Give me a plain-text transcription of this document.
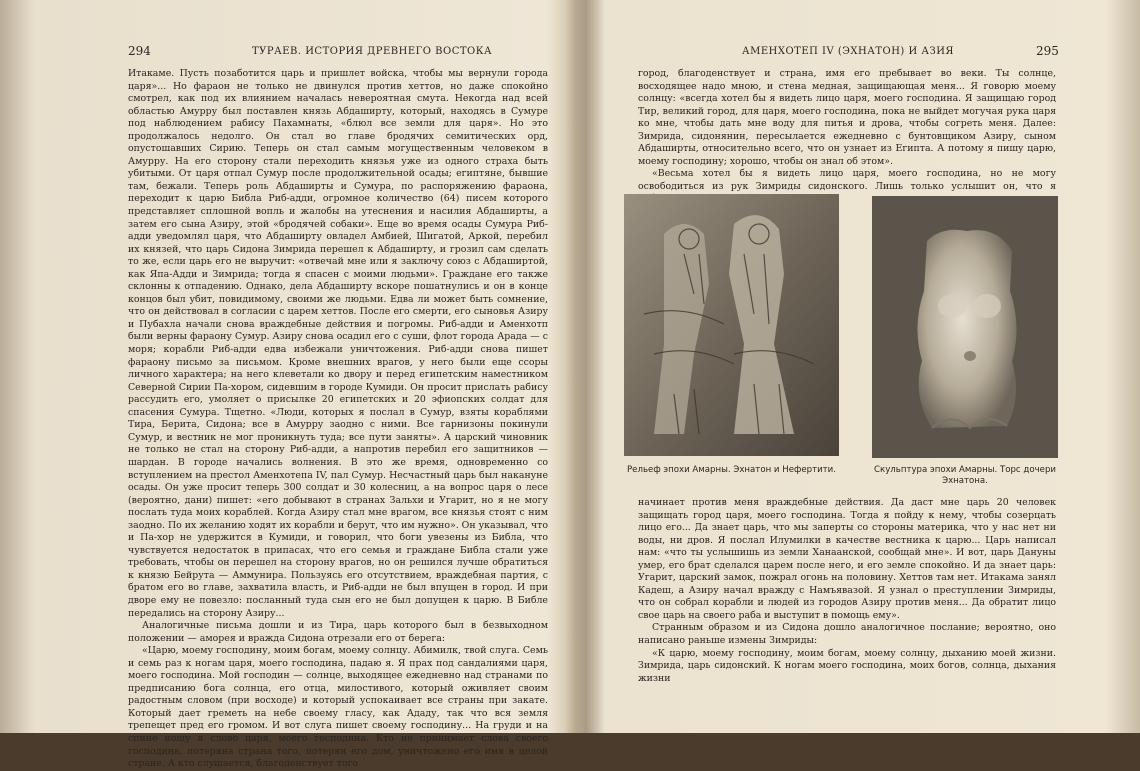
294	ТУРАЕВ. ИСТОРИЯ ДРЕВНЕГО ВОСТОКА

Итакаме. Пусть позаботится царь и пришлет войска, чтобы мы вернули города царя»... Но фараон не только не двинулся против хеттов, но даже спокойно смотрел, как под их влиянием началась невероятная смута. Некогда над всей областью Амурру был поставлен князь Абдаширту, который, находясь в Сумуре под наблюдением рабису Пахамнаты, «блюл все земли для царя». Но это продолжалось недолго. Он стал во главе бродячих семитических орд, опустошавших Сирию. Теперь он стал самым могущественным человеком в Амурру. На его сторону стали переходить князья уже из одного страха быть убитыми. От царя отпал Сумур после продолжительной осады; египтяне, бывшие там, бежали. Теперь роль Абдаширты и Сумура, по распоряжению фараона, переходит к царю Библа Риб-адди, огромное количество (64) писем которого представляет сплошной вопль и жалобы на утеснения и насилия Абдаширты, а затем его сына Азиру, этой «бродячей собаки». Еще во время осады Сумура Риб-адди уведомлял царя, что Абдаширту овладел Амбией, Шигатой, Аркой, перебил их князей, что царь Сидона Зимрида перешел к Абдаширту, и грозил сам сделать то же, если царь его не выручит: «отвечай мне или я заключу союз с Абдаширтой, как Япа-Адди и Зимрида; тогда я спасен с моими людьми». Граждане его также склонны к отпадению. Однако, дела Абдаширту вскоре пошатнулись и он в конце концов был убит, повидимому, своими же людьми. Едва ли может быть сомнение, что он действовал в согласии с царем хеттов. После его смерти, его сыновья Азиру и Пубахла начали снова враждебные действия и погромы. Риб-адди и Аменхотп были верны фараону Сумур. Азиру снова осадил его с суши, флот города Арада — с моря; корабли Риб-адди едва избежали уничтожения. Риб-адди снова пишет фараону письмо за письмом. Кроме внешних врагов, у него были еще ссоры личного характера; на него клеветали ко двору и перед египетским наместником Северной Сирии Па-хором, сидевшим в городе Кумиди. Он просит прислать рабису рассудить его, умоляет о присылке 20 египетских и 20 эфиопских солдат для спасения Сумура. Тщетно. «Люди, которых я послал в Сумур, взяты кораблями Тира, Берита, Сидона; все в Амурру заодно с ними. Все гарнизоны покинули Сумур, и вестник не мог проникнуть туда; все пути заняты». А царский чиновник не только не стал на сторону Риб-адди, а напротив перебил его защитников — шардан. В городе начались волнения. В это же время, одновременно со вступлением на престол Аменхотепа IV, пал Сумур. Несчастный царь был накануне осады. Он уже просит теперь 300 солдат и 30 колесниц, а на вопрос царя о лесе (вероятно, дани) пишет: «его добывают в странах Зальхи и Угарит, но я не могу послать туда моих кораблей. Когда Азиру стал мне врагом, все князья стоят с ним заодно. По их желанию ходят их корабли и берут, что им нужно». Он указывал, что и Па-хор не удержится в Кумиди, и говорил, что боги увезены из Библа, что чувствуется недостаток в припасах, что его семья и граждане Библа стали уже требовать, чтобы он перешел на сторону врагов, но он решился лучше обратиться к князю Бейрута — Аммунира. Пользуясь его отсутствием, враждебная партия, с братом его во главе, захватила власть, и Риб-адди не был впущен в город. И при дворе ему не повезло: посланный туда сын его не был допущен к царю. В Библе передались на сторону Азиру...

Аналогичные письма дошли и из Тира, царь которого был в безвыходном положении — аморея и вражда Сидона отрезали его от берега:

«Царю, моему господину, моим богам, моему солнцу. Абимилк, твой слуга. Семь и семь раз к ногам царя, моего господина, падаю я. Я прах под сандалиями царя, моего господина. Мой господин — солнце, выходящее ежедневно над странами по предписанию бога солнца, его отца, милостивого, который оживляет своим радостным словом (при восходе) и который успокаивает все страны при закате. Который дает греметь на небе своему гласу, как Ададу, так что вся земля трепещет пред его громом. И вот слуга пишет своему господину... На груди и на спине ношу я слово царя, моего господина. Кто не принимает слова своего господина, потеряна страна того, потерян его дом, уничтожено его имя в целой стране. А кто слушается, благоденствует того

АМЕНХОТЕП IV (ЭХНАТОН) И АЗИЯ	295

город, благоденствует и страна, имя его пребывает во веки. Ты солнце, восходящее надо мною, и стена медная, защищающая меня... Я говорю моему солнцу: «всегда хотел бы я видеть лицо царя, моего господина. Я защищаю город Тир, великий город, для царя, моего господина, пока не выйдет могучая рука царя ко мне, чтобы дать мне воду для питья и дрова, чтобы согреть меня. Далее: Зимрида, сидонянин, пересылается ежедневно с бунтовщиком Азиру, сыном Абдаширты, относительно всего, что он узнает из Египта. А потому я пишу царю, моему господину; хорошо, чтобы он знал об этом».

«Весьма хотел бы я видеть лицо царя, моего господина, но не могу освободиться из рук Зимриды сидонского. Лишь только услышит он, что я

Рельеф эпохи Амарны. Эхнатон и Нефертити.	Скульптура эпохи Амарны. Торс дочери Эхнатона.

начинает против меня враждебные действия. Да даст мне царь 20 человек защищать город царя, моего господина. Тогда я пойду к нему, чтобы созерцать лицо его... Да знает царь, что мы заперты со стороны материка, что у нас нет ни воды, ни дров. Я послал Илумилки в качестве вестника к царю... Царь написал нам: «что ты услышишь из земли Ханаанской, сообщай мне». И вот, царь Дануны умер, его брат сделался царем после него, и его земле спокойно. И да знает царь: Угарит, царский замок, пожрал огонь на половину. Хеттов там нет. Итакама занял Кадеш, а Азиру начал вражду с Намъявазой. Я узнал о преступлении Зимриды, что он собрал корабли и людей из городов Азиру против меня... Да обратит лицо свое царь на своего раба и выступит в помощь ему».

Странным образом и из Сидона дошло аналогичное послание; вероятно, оно написано раньше измены Зимриды:

«К царю, моему господину, моим богам, моему солнцу, дыханию моей жизни. Зимрида, царь сидонский. К ногам моего господина, моих богов, солнца, дыхания жизни
